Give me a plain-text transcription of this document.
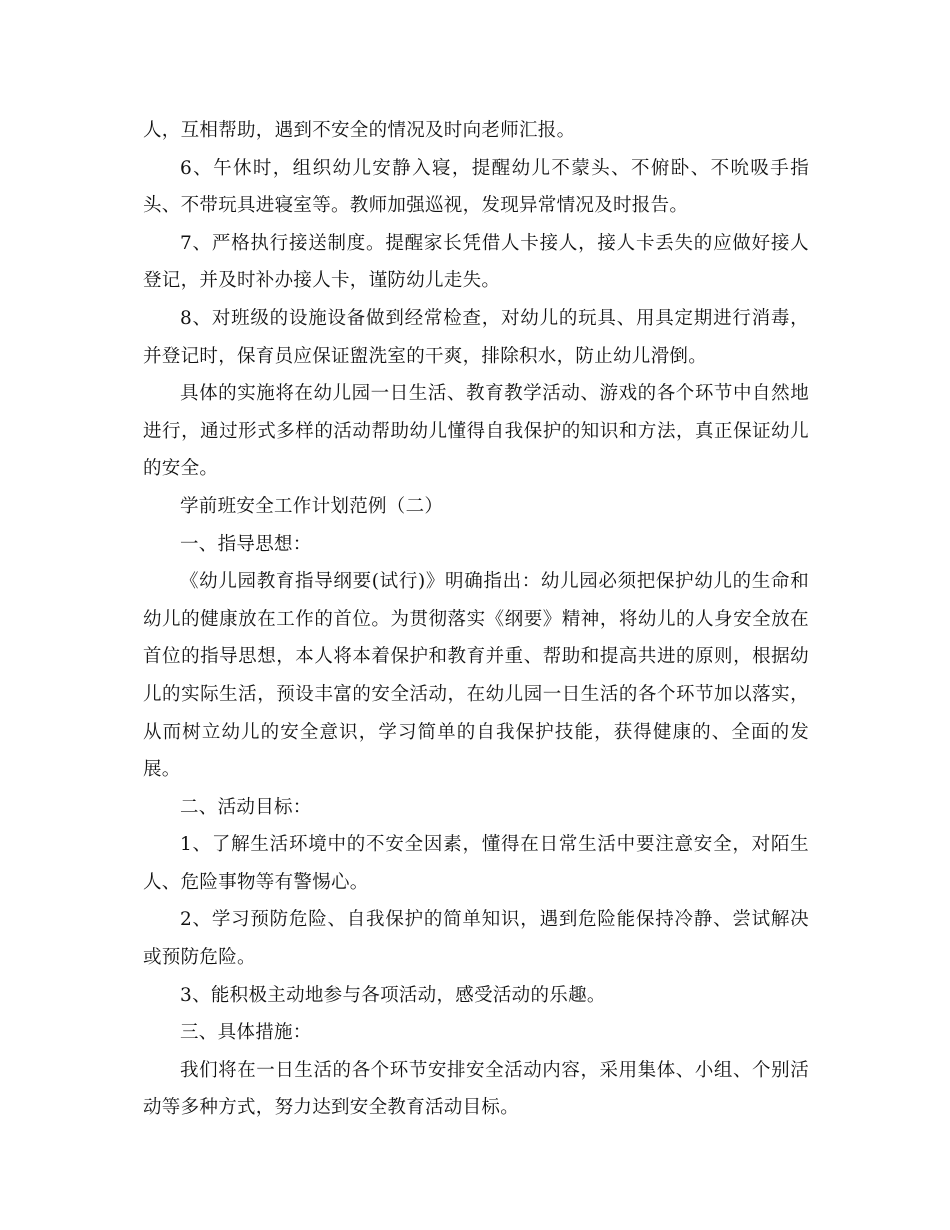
人，互相帮助，遇到不安全的情况及时向老师汇报。

6、午休时，组织幼儿安静入寝，提醒幼儿不蒙头、不俯卧、不吮吸手指头、不带玩具进寝室等。教师加强巡视，发现异常情况及时报告。

7、严格执行接送制度。提醒家长凭借人卡接人，接人卡丢失的应做好接人登记，并及时补办接人卡，谨防幼儿走失。

8、对班级的设施设备做到经常检查，对幼儿的玩具、用具定期进行消毒，并登记时，保育员应保证盥洗室的干爽，排除积水，防止幼儿滑倒。

具体的实施将在幼儿园一日生活、教育教学活动、游戏的各个环节中自然地进行，通过形式多样的活动帮助幼儿懂得自我保护的知识和方法，真正保证幼儿的安全。

学前班安全工作计划范例（二）

一、指导思想：

《幼儿园教育指导纲要(试行)》明确指出：幼儿园必须把保护幼儿的生命和幼儿的健康放在工作的首位。为贯彻落实《纲要》精神，将幼儿的人身安全放在首位的指导思想，本人将本着保护和教育并重、帮助和提高共进的原则，根据幼儿的实际生活，预设丰富的安全活动，在幼儿园一日生活的各个环节加以落实，从而树立幼儿的安全意识，学习简单的自我保护技能，获得健康的、全面的发展。

二、活动目标：

1、了解生活环境中的不安全因素，懂得在日常生活中要注意安全，对陌生人、危险事物等有警惕心。

2、学习预防危险、自我保护的简单知识，遇到危险能保持冷静、尝试解决或预防危险。

3、能积极主动地参与各项活动，感受活动的乐趣。

三、具体措施：

我们将在一日生活的各个环节安排安全活动内容，采用集体、小组、个别活动等多种方式，努力达到安全教育活动目标。
